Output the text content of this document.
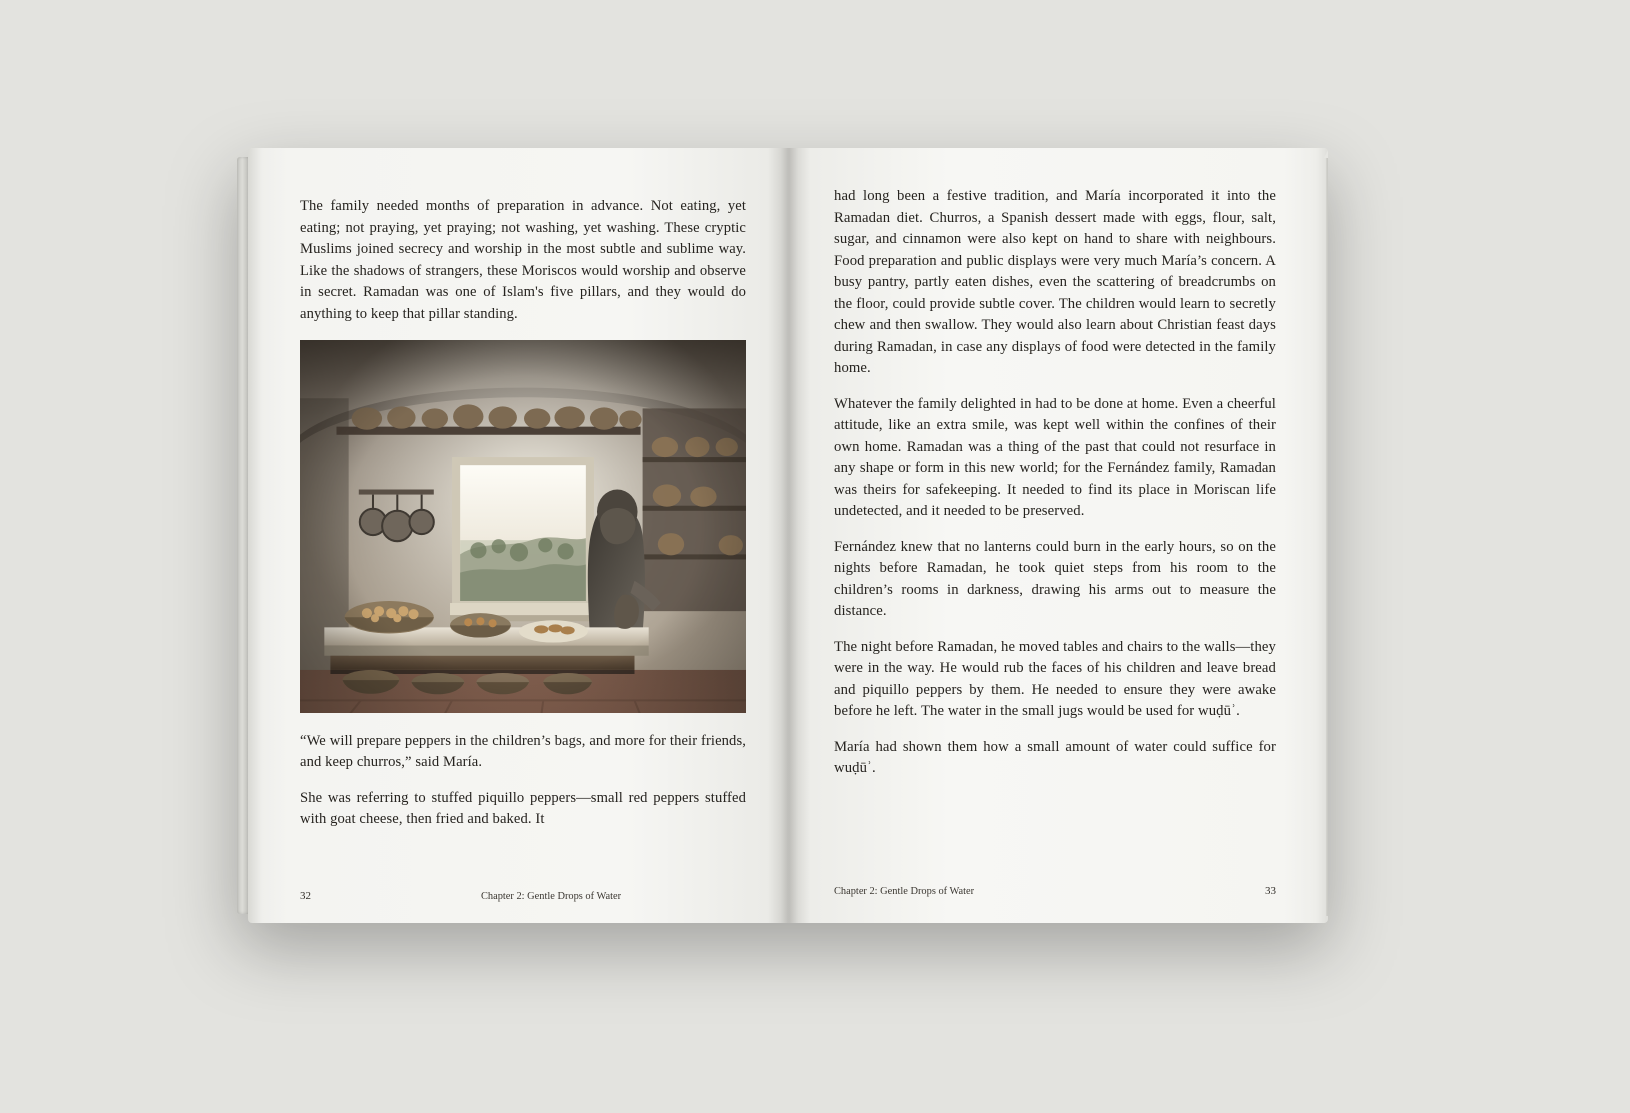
The family needed months of preparation in advance. Not eating, yet eating; not praying, yet praying; not washing, yet washing. These cryptic Muslims joined secrecy and worship in the most subtle and sublime way. Like the shadows of strangers, these Moriscos would worship and observe in secret. Ramadan was one of Islam's five pillars, and they would do anything to keep that pillar standing.

“We will prepare peppers in the children’s bags, and more for their friends, and keep churros,” said María.

She was referring to stuffed piquillo peppers—small red peppers stuffed with goat cheese, then fried and baked. It

32	Chapter 2: Gentle Drops of Water

had long been a festive tradition, and María incorporated it into the Ramadan diet. Churros, a Spanish dessert made with eggs, flour, salt, sugar, and cinnamon were also kept on hand to share with neighbours. Food preparation and public displays were very much María’s concern. A busy pantry, partly eaten dishes, even the scattering of breadcrumbs on the floor, could provide subtle cover. The children would learn to secretly chew and then swallow. They would also learn about Christian feast days during Ramadan, in case any displays of food were detected in the family home.

Whatever the family delighted in had to be done at home. Even a cheerful attitude, like an extra smile, was kept well within the confines of their own home. Ramadan was a thing of the past that could not resurface in any shape or form in this new world; for the Fernández family, Ramadan was theirs for safekeeping. It needed to find its place in Moriscan life undetected, and it needed to be preserved.

Fernández knew that no lanterns could burn in the early hours, so on the nights before Ramadan, he took quiet steps from his room to the children’s rooms in darkness, drawing his arms out to measure the distance.

The night before Ramadan, he moved tables and chairs to the walls—they were in the way. He would rub the faces of his children and leave bread and piquillo peppers by them. He needed to ensure they were awake before he left. The water in the small jugs would be used for wuḍūʾ.

María had shown them how a small amount of water could suffice for wuḍūʾ.

Chapter 2: Gentle Drops of Water	33
